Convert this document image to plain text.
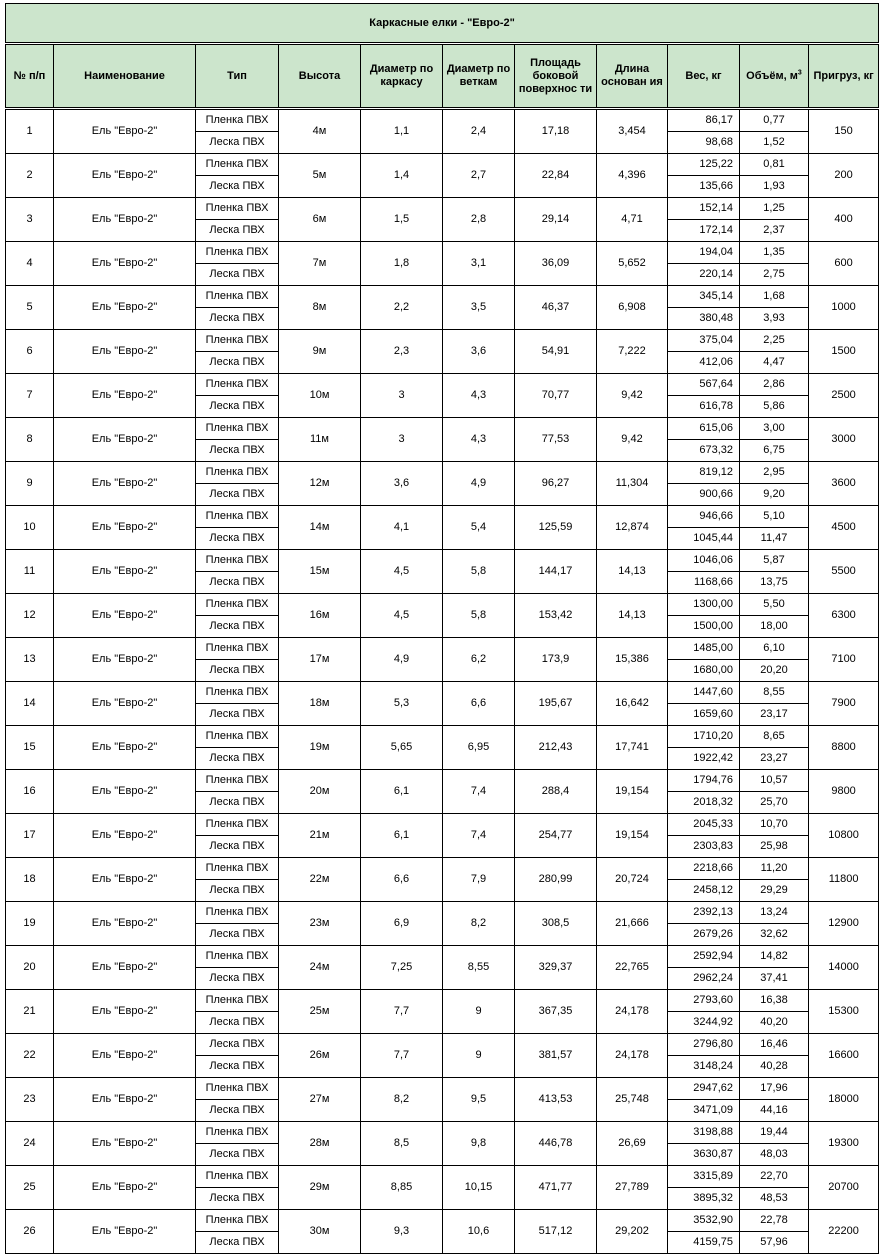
Каркасные елки - "Евро-2"										

№ п/п	Наименование	Тип	Высота	Диаметр по каркасу	Диаметр по веткам	Площадь боковой поверхнос ти	Длина основан ия	Вес, кг	Объём, $м^3$	Пригруз, кг

1	Ель "Евро-2"	Пленка ПВХ	4м	1,1	2,4	17,18	3,454	86,17	0,77	150
		Леска ПВХ						98,68	1,52	
2	Ель "Евро-2"	Пленка ПВХ	5м	1,4	2,7	22,84	4,396	125,22	0,81	200
		Леска ПВХ						135,66	1,93	
3	Ель "Евро-2"	Пленка ПВХ	6м	1,5	2,8	29,14	4,71	152,14	1,25	400
		Леска ПВХ						172,14	2,37	
4	Ель "Евро-2"	Пленка ПВХ	7м	1,8	3,1	36,09	5,652	194,04	1,35	600
		Леска ПВХ						220,14	2,75	
5	Ель "Евро-2"	Пленка ПВХ	8м	2,2	3,5	46,37	6,908	345,14	1,68	1000
		Леска ПВХ						380,48	3,93	
6	Ель "Евро-2"	Пленка ПВХ	9м	2,3	3,6	54,91	7,222	375,04	2,25	1500
		Леска ПВХ						412,06	4,47	
7	Ель "Евро-2"	Пленка ПВХ	10м	3	4,3	70,77	9,42	567,64	2,86	2500
		Леска ПВХ						616,78	5,86	
8	Ель "Евро-2"	Пленка ПВХ	11м	3	4,3	77,53	9,42	615,06	3,00	3000
		Леска ПВХ						673,32	6,75	
9	Ель "Евро-2"	Пленка ПВХ	12м	3,6	4,9	96,27	11,304	819,12	2,95	3600
		Леска ПВХ						900,66	9,20	
10	Ель "Евро-2"	Пленка ПВХ	14м	4,1	5,4	125,59	12,874	946,66	5,10	4500
		Леска ПВХ						1045,44	11,47	
11	Ель "Евро-2"	Пленка ПВХ	15м	4,5	5,8	144,17	14,13	1046,06	5,87	5500
		Леска ПВХ						1168,66	13,75	
12	Ель "Евро-2"	Пленка ПВХ	16м	4,5	5,8	153,42	14,13	1300,00	5,50	6300
		Леска ПВХ						1500,00	18,00	
13	Ель "Евро-2"	Пленка ПВХ	17м	4,9	6,2	173,9	15,386	1485,00	6,10	7100
		Леска ПВХ						1680,00	20,20	
14	Ель "Евро-2"	Пленка ПВХ	18м	5,3	6,6	195,67	16,642	1447,60	8,55	7900
		Леска ПВХ						1659,60	23,17	
15	Ель "Евро-2"	Пленка ПВХ	19м	5,65	6,95	212,43	17,741	1710,20	8,65	8800
		Леска ПВХ						1922,42	23,27	
16	Ель "Евро-2"	Пленка ПВХ	20м	6,1	7,4	288,4	19,154	1794,76	10,57	9800
		Леска ПВХ						2018,32	25,70	
17	Ель "Евро-2"	Пленка ПВХ	21м	6,1	7,4	254,77	19,154	2045,33	10,70	10800
		Леска ПВХ						2303,83	25,98	
18	Ель "Евро-2"	Пленка ПВХ	22м	6,6	7,9	280,99	20,724	2218,66	11,20	11800
		Леска ПВХ						2458,12	29,29	
19	Ель "Евро-2"	Пленка ПВХ	23м	6,9	8,2	308,5	21,666	2392,13	13,24	12900
		Леска ПВХ						2679,26	32,62	
20	Ель "Евро-2"	Пленка ПВХ	24м	7,25	8,55	329,37	22,765	2592,94	14,82	14000
		Леска ПВХ						2962,24	37,41	
21	Ель "Евро-2"	Пленка ПВХ	25м	7,7	9	367,35	24,178	2793,60	16,38	15300
		Леска ПВХ						3244,92	40,20	
22	Ель "Евро-2"	Леска ПВХ	26м	7,7	9	381,57	24,178	2796,80	16,46	16600
		Леска ПВХ						3148,24	40,28	
23	Ель "Евро-2"	Пленка ПВХ	27м	8,2	9,5	413,53	25,748	2947,62	17,96	18000
		Леска ПВХ						3471,09	44,16	
24	Ель "Евро-2"	Пленка ПВХ	28м	8,5	9,8	446,78	26,69	3198,88	19,44	19300
		Леска ПВХ						3630,87	48,03	
25	Ель "Евро-2"	Пленка ПВХ	29м	8,85	10,15	471,77	27,789	3315,89	22,70	20700
		Леска ПВХ						3895,32	48,53	
26	Ель "Евро-2"	Пленка ПВХ	30м	9,3	10,6	517,12	29,202	3532,90	22,78	22200
		Леска ПВХ						4159,75	57,96	
